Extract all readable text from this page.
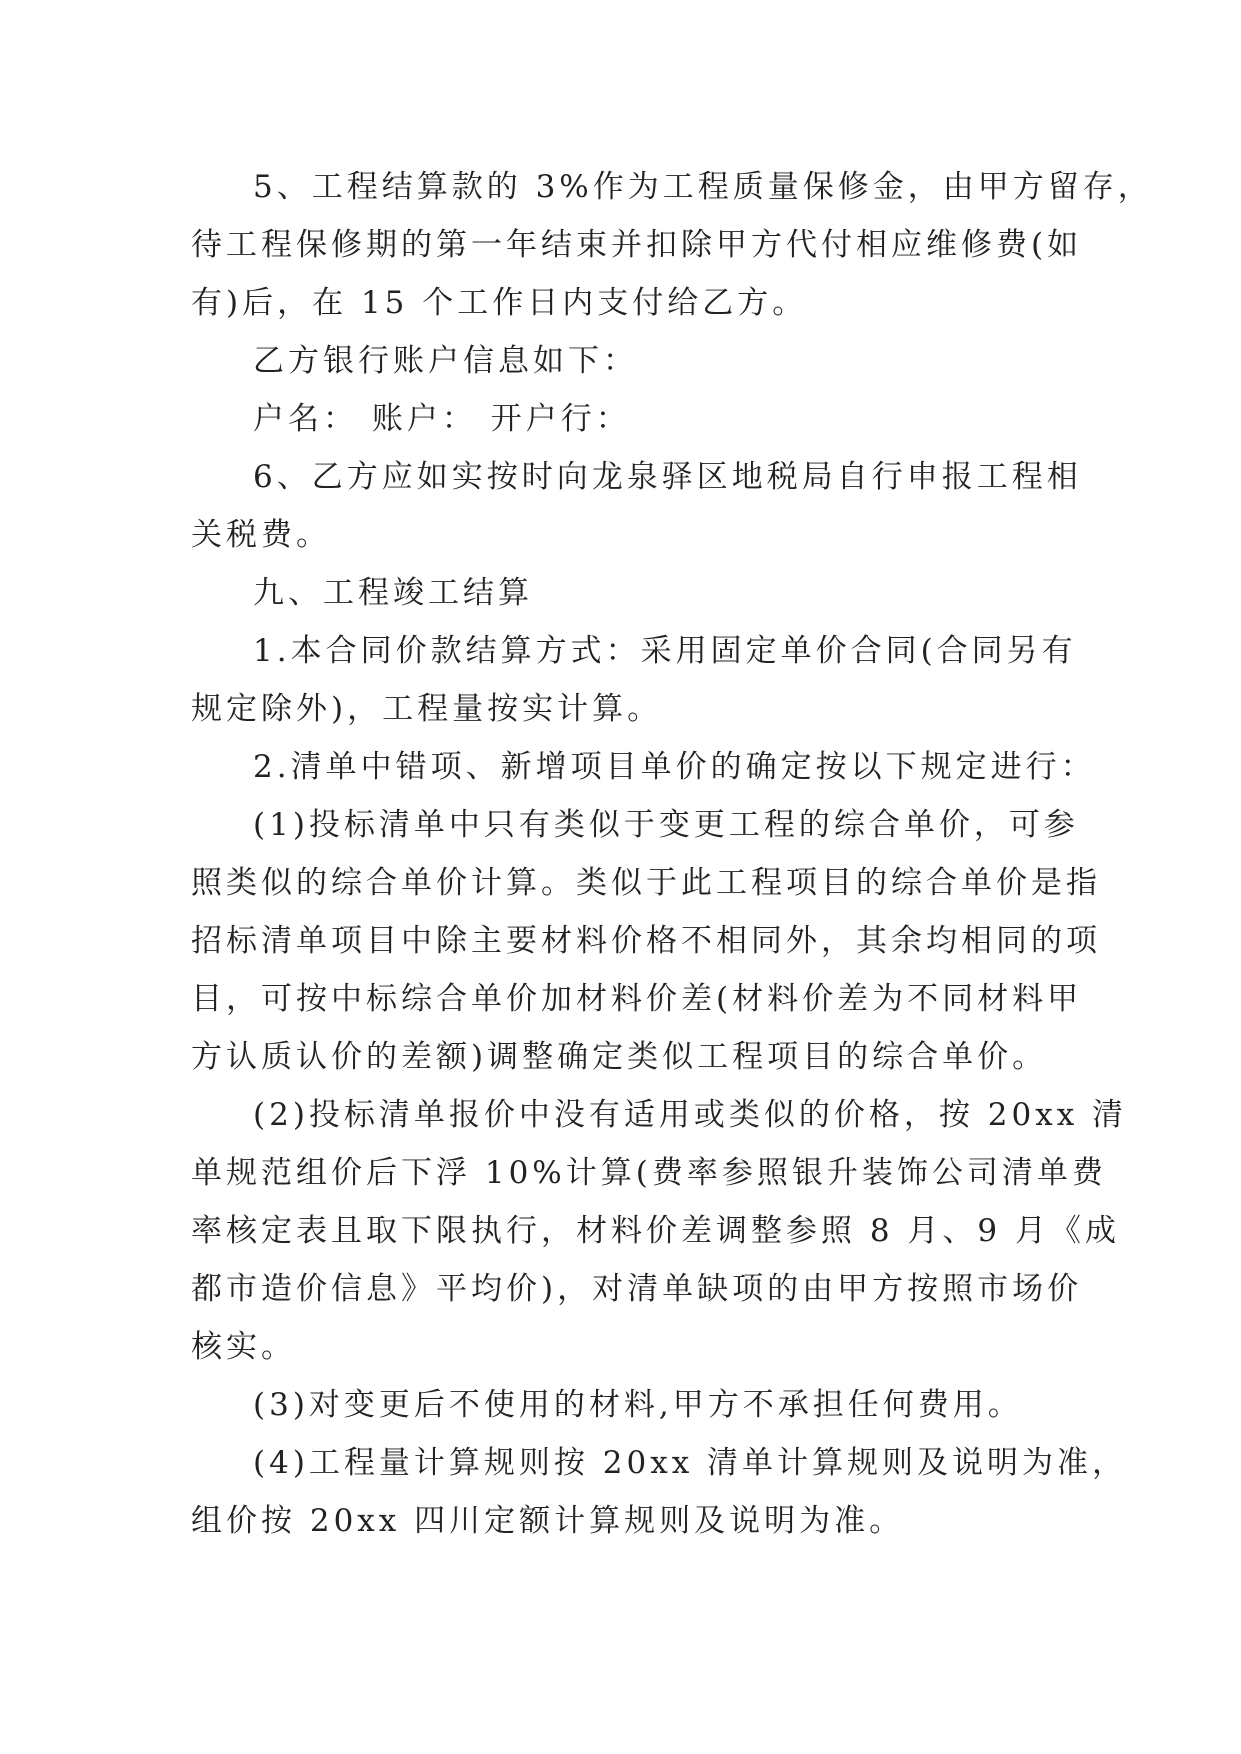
5、工程结算款的 3%作为工程质量保修金，由甲方留存，
待工程保修期的第一年结束并扣除甲方代付相应维修费(如
有)后，在 15 个工作日内支付给乙方。

乙方银行账户信息如下：

户名： 账户： 开户行：

6、乙方应如实按时向龙泉驿区地税局自行申报工程相
关税费。

九、工程竣工结算

1.本合同价款结算方式：采用固定单价合同(合同另有
规定除外)，工程量按实计算。

2.清单中错项、新增项目单价的确定按以下规定进行：

(1)投标清单中只有类似于变更工程的综合单价，可参
照类似的综合单价计算。类似于此工程项目的综合单价是指
招标清单项目中除主要材料价格不相同外，其余均相同的项
目，可按中标综合单价加材料价差(材料价差为不同材料甲
方认质认价的差额)调整确定类似工程项目的综合单价。

(2)投标清单报价中没有适用或类似的价格，按 20xx 清
单规范组价后下浮 10%计算(费率参照银升装饰公司清单费
率核定表且取下限执行，材料价差调整参照 8 月、9 月《成
都市造价信息》平均价)，对清单缺项的由甲方按照市场价
核实。

(3)对变更后不使用的材料,甲方不承担任何费用。

(4)工程量计算规则按 20xx 清单计算规则及说明为准，
组价按 20xx 四川定额计算规则及说明为准。
